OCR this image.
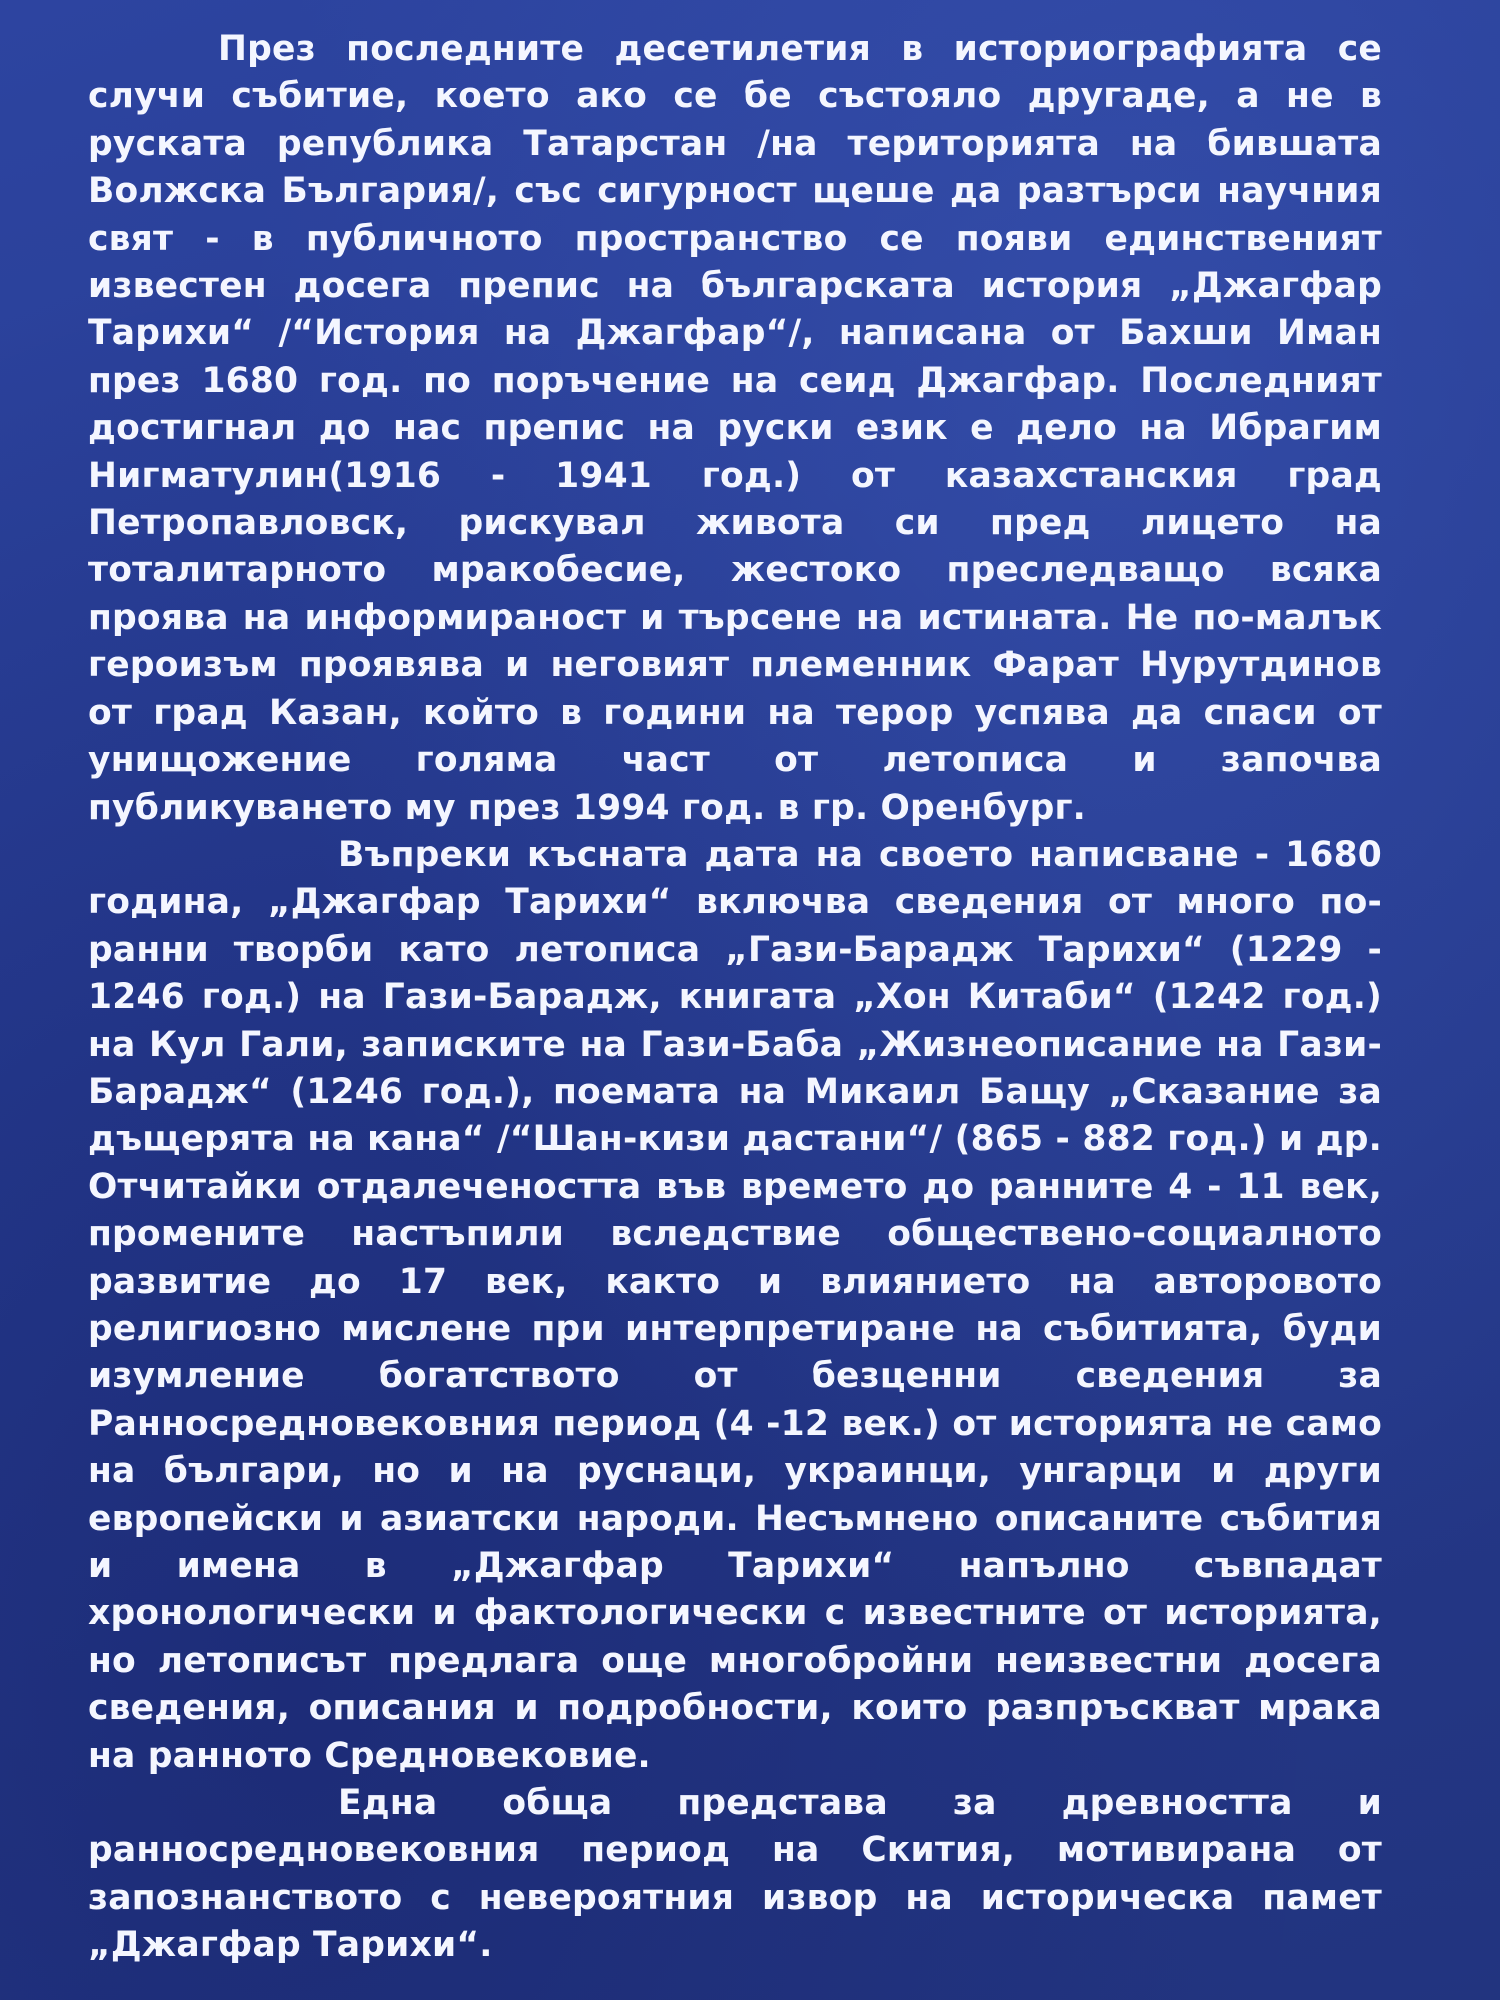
През последните десетилетия в историографията се случи събитие, което ако се бе състояло другаде, а не в руската република Татарстан /на територията на бившата Волжска България/, със сигурност щеше да разтърси научния свят - в публичното пространство се появи единственият известен досега препис на българската история „Джагфар Тарихи“ /“История на Джагфар“/, написана от Бахши Иман през 1680 год. по поръчение на сеид Джагфар. Последният достигнал до нас препис на руски език е дело на Ибрагим Нигматулин(1916 - 1941 год.) от казахстанския град Петропавловск, рискувал живота си пред лицето на тоталитарното мракобесие, жестоко преследващо всяка проява на информираност и търсене на истината. Не по-малък героизъм проявява и неговият племенник Фарат Нурутдинов от град Казан, който в години на терор успява да спаси от унищожение голяма част от летописа и започва публикуването му през 1994 год. в гр. Оренбург.

Въпреки късната дата на своето написване - 1680 година, „Джагфар Тарихи“ включва сведения от много по-ранни творби като летописа „Гази-Барадж Тарихи“ (1229 - 1246 год.) на Гази-Барадж, книгата „Хон Китаби“ (1242 год.) на Кул Гали, записките на Гази-Баба „Жизнеописание на Гази-Барадж“ (1246 год.), поемата на Микаил Бащу „Сказание за дъщерята на кана“ /“Шан-кизи дастани“/ (865 - 882 год.) и др. Отчитайки отдалечеността във времето до ранните 4 - 11 век, промените настъпили вследствие обществено-социалното развитие до 17 век, както и влиянието на авторовото религиозно мислене при интерпретиране на събитията, буди изумление богатството от безценни сведения за Ранносредновековния период (4 -12 век.) от историята не само на българи, но и на руснаци, украинци, унгарци и други европейски и азиатски народи. Несъмнено описаните събития и имена в „Джагфар Тарихи“ напълно съвпадат хронологически и фактологически с известните от историята, но летописът предлага още многобройни неизвестни досега сведения, описания и подробности, които разпръскват мрака на ранното Средновековие.

Една обща представа за древността и ранносредновековния период на Скития, мотивирана от запознанството с невероятния извор на историческа памет „Джагфар Тарихи“.
